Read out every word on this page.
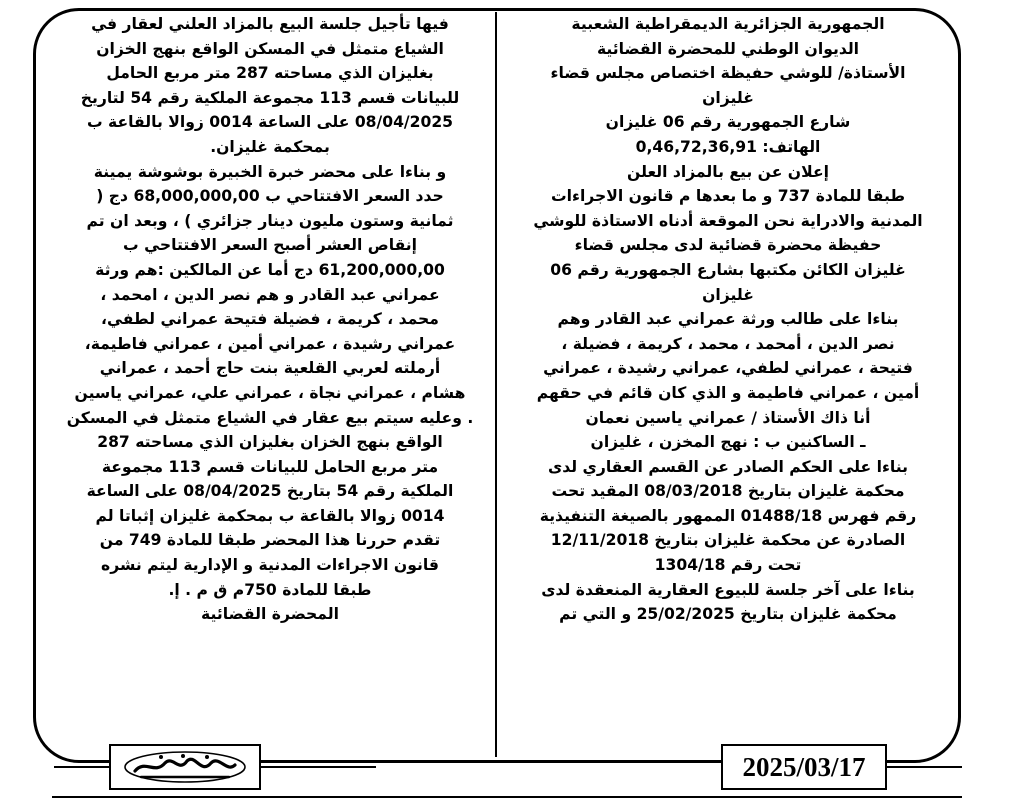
الجمهورية الجزائرية الديمقراطية الشعبية
الديوان الوطني للمحضرة القضائية
الأستاذة/ للوشي حفيظة اختصاص مجلس قضاء
غليزان
شارع الجمهورية رقم 06 غليزان
الهاتف: 0,46,72,36,91
إعلان عن بيع بالمزاد العلن
طبقا للمادة 737 و ما بعدها م قانون الاجراءات
المدنية والادراية نحن الموقعة أدناه الاستاذة للوشي
حفيظة محضرة قضائية لدى مجلس قضاء
غليزان الكائن مكتبها بشارع الجمهورية رقم 06
غليزان
بناءا على طالب ورثة عمراني عبد القادر وهم
نصر الدين ، أمحمد ، محمد ، كريمة ، فضيلة ،
فتيحة ، عمراني لطفي، عمراني رشيدة ، عمراني
أمين ، عمراني فاطيمة و الذي كان قائم في حقهم
أنا ذاك الأستاذ / عمراني ياسين نعمان
ـ الساكنين ب : نهج المخزن ، غليزان
بناءا على الحكم الصادر عن القسم العقاري لدى
محكمة غليزان بتاريخ 08/03/2018 المقيد تحت
رقم فهرس 01488/18 الممهور بالصيغة التنفيذية
الصادرة عن محكمة غليزان بتاريخ 12/11/2018
تحت رقم 1304/18
بناءا على آخر جلسة للبيوع العقارية المنعقدة لدى
محكمة غليزان بتاريخ 25/02/2025 و التي تم
فيها تأجيل جلسة البيع بالمزاد العلني لعقار في
الشياع متمثل في المسكن الواقع بنهج الخزان
بغليزان الذي مساحته 287 متر مربع الحامل
للبيانات قسم 113 مجموعة الملكية رقم 54 لتاريخ
08/04/2025 على الساعة 0014 زوالا بالقاعة ب
بمحكمة غليزان.
و بناءا على محضر خبرة الخبيرة بوشوشة يمينة
حدد السعر الافتتاحي ب 68,000,000,00 دج (
ثمانية وستون مليون دينار جزائري ) ، وبعد ان تم
إنقاص العشر أصبح السعر الافتتاحي ب
61,200,000,00 دج أما عن المالكين :هم ورثة
عمراني عبد القادر و هم نصر الدين ، امحمد ،
محمد ، كريمة ، فضيلة فتيحة عمراني لطفي،
عمراني رشيدة ، عمراني أمين ، عمراني فاطيمة،
أرملته لعربي القلعية بنت حاج أحمد ، عمراني
هشام ، عمراني نجاة ، عمراني علي، عمراني ياسين
. وعليه سيتم بيع عقار في الشياع متمثل في المسكن
الواقع بنهج الخزان بغليزان الذي مساحته 287
متر مربع الحامل للبيانات قسم 113 مجموعة
الملكية رقم 54 بتاريخ 08/04/2025 على الساعة
0014 زوالا بالقاعة ب بمحكمة غليزان إثباتا لم
تقدم حررنا هذا المحضر طبقا للمادة 749 من
قانون الاجراءات المدنية و الإدارية ليتم نشره
طبقا للمادة 750م ق م . إ.
المحضرة القضائية
2025/03/17
